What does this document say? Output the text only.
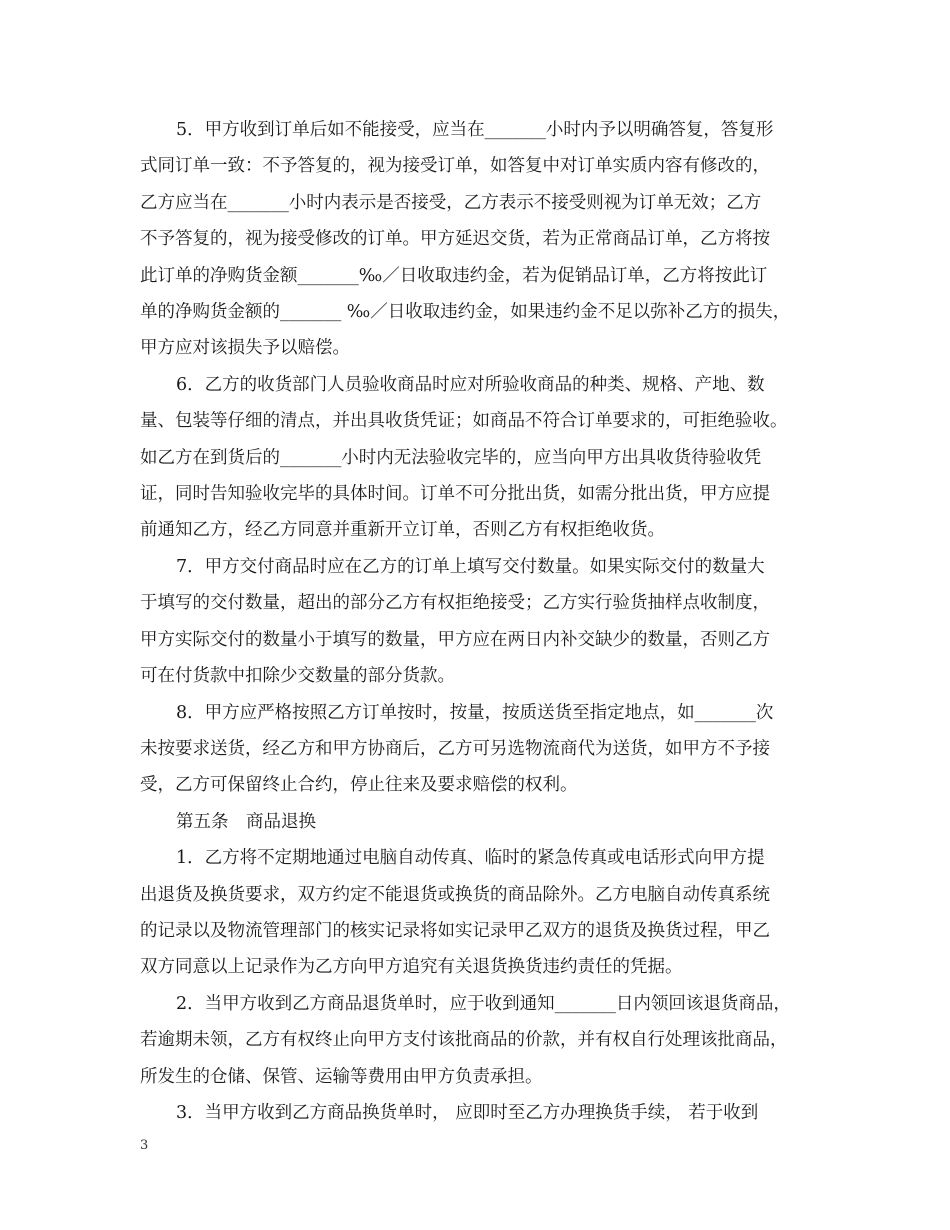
5．甲方收到订单后如不能接受，应当在_______小时内予以明确答复，答复形
式同订单一致：不予答复的，视为接受订单，如答复中对订单实质内容有修改的，
乙方应当在_______小时内表示是否接受，乙方表示不接受则视为订单无效；乙方
不予答复的，视为接受修改的订单。甲方延迟交货，若为正常商品订单，乙方将按
此订单的净购货金额_______‰／日收取违约金，若为促销品订单，乙方将按此订
单的净购货金额的_______ ‰／日收取违约金，如果违约金不足以弥补乙方的损失，
甲方应对该损失予以赔偿。

6．乙方的收货部门人员验收商品时应对所验收商品的种类、规格、产地、数
量、包装等仔细的清点，并出具收货凭证；如商品不符合订单要求的，可拒绝验收。
如乙方在到货后的_______小时内无法验收完毕的，应当向甲方出具收货待验收凭
证，同时告知验收完毕的具体时间。订单不可分批出货，如需分批出货，甲方应提
前通知乙方，经乙方同意并重新开立订单，否则乙方有权拒绝收货。

7．甲方交付商品时应在乙方的订单上填写交付数量。如果实际交付的数量大
于填写的交付数量，超出的部分乙方有权拒绝接受；乙方实行验货抽样点收制度，
甲方实际交付的数量小于填写的数量，甲方应在两日内补交缺少的数量，否则乙方
可在付货款中扣除少交数量的部分货款。

8．甲方应严格按照乙方订单按时，按量，按质送货至指定地点，如_______次
未按要求送货，经乙方和甲方协商后，乙方可另选物流商代为送货，如甲方不予接
受，乙方可保留终止合约，停止往来及要求赔偿的权利。

第五条　商品退换

1．乙方将不定期地通过电脑自动传真、临时的紧急传真或电话形式向甲方提
出退货及换货要求，双方约定不能退货或换货的商品除外。乙方电脑自动传真系统
的记录以及物流管理部门的核实记录将如实记录甲乙双方的退货及换货过程，甲乙
双方同意以上记录作为乙方向甲方追究有关退货换货违约责任的凭据。

2．当甲方收到乙方商品退货单时，应于收到通知_______日内领回该退货商品，
若逾期未领，乙方有权终止向甲方支付该批商品的价款，并有权自行处理该批商品，
所发生的仓储、保管、运输等费用由甲方负责承担。

3．当甲方收到乙方商品换货单时， 应即时至乙方办理换货手续， 若于收到

3
